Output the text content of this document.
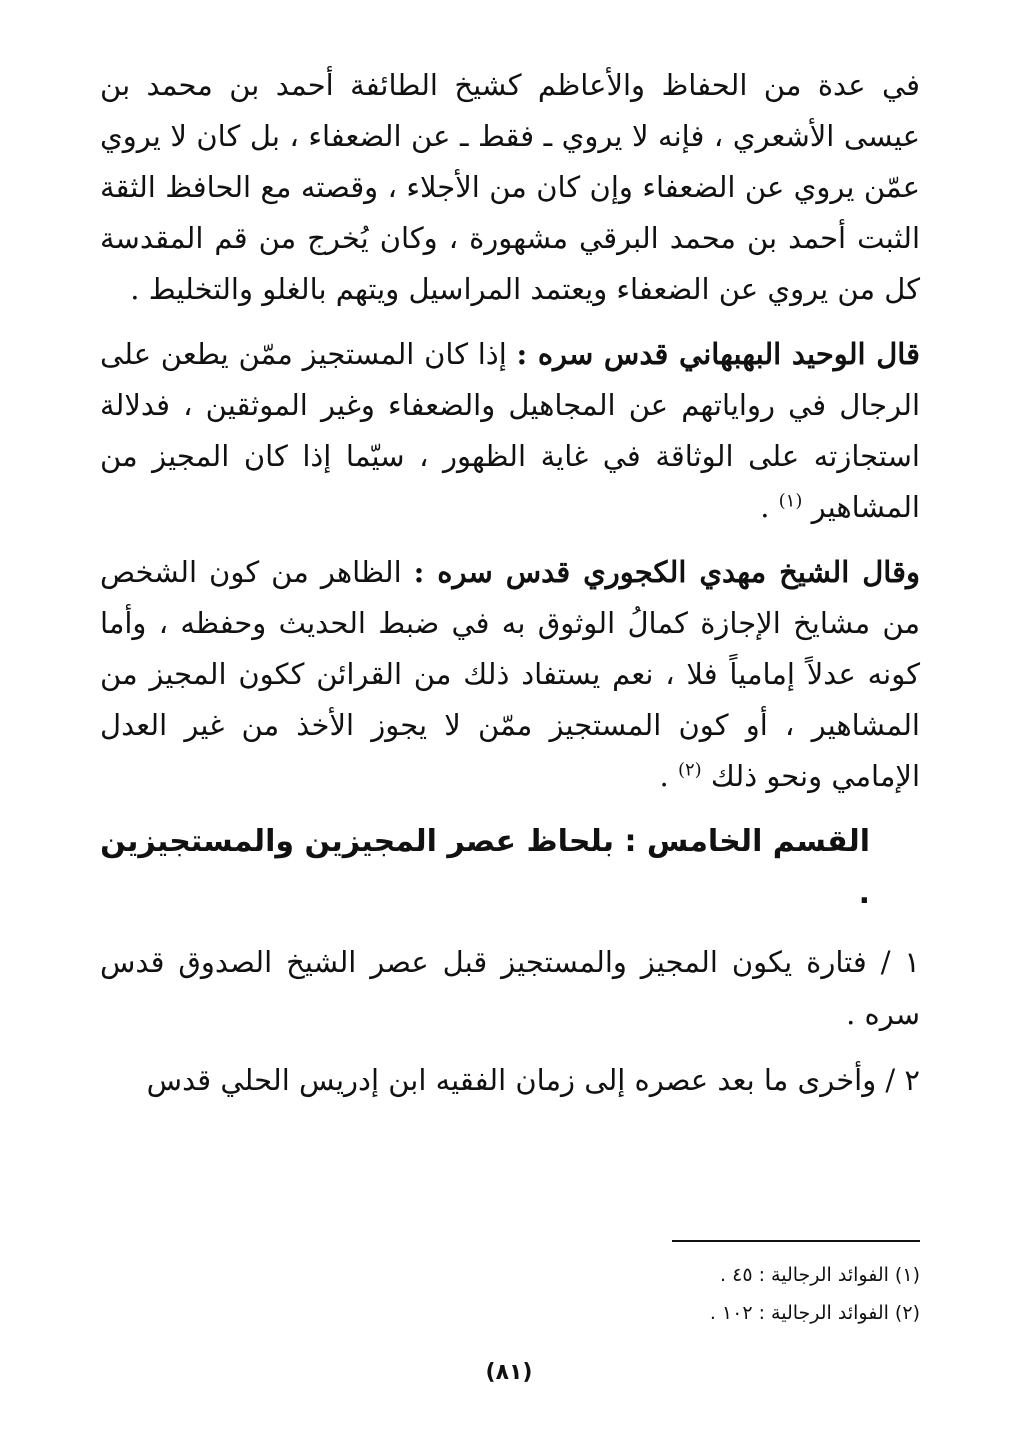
في عدة من الحفاظ والأعاظم كشيخ الطائفة أحمد بن محمد بن عيسى الأشعري ، فإنه لا يروي ـ فقط ـ عن الضعفاء ، بل كان لا يروي عمّن يروي عن الضعفاء وإن كان من الأجلاء ، وقصته مع الحافظ الثقة الثبت أحمد بن محمد البرقي مشهورة ، وكان يُخرج من قم المقدسة كل من يروي عن الضعفاء ويعتمد المراسيل ويتهم بالغلو والتخليط .

قال الوحيد البهبهاني قدس سره : إذا كان المستجيز ممّن يطعن على الرجال في رواياتهم عن المجاهيل والضعفاء وغير الموثقين ، فدلالة استجازته على الوثاقة في غاية الظهور ، سيّما إذا كان المجيز من المشاهير $^{(١)}$ .

وقال الشيخ مهدي الكجوري قدس سره : الظاهر من كون الشخص من مشايخ الإجازة كمالُ الوثوق به في ضبط الحديث وحفظه ، وأما كونه عدلاً إمامياً فلا ، نعم يستفاد ذلك من القرائن ككون المجيز من المشاهير ، أو كون المستجيز ممّن لا يجوز الأخذ من غير العدل الإمامي ونحو ذلك $^{(٢)}$ .

القسم الخامس : بلحاظ عصر المجيزين والمستجيزين .

١ / فتارة يكون المجيز والمستجيز قبل عصر الشيخ الصدوق قدس سره .

٢ / وأخرى ما بعد عصره إلى زمان الفقيه ابن إدريس الحلي قدس

(١) الفوائد الرجالية : ٤٥ .

(٢) الفوائد الرجالية : ١٠٢ .

(٨١)
